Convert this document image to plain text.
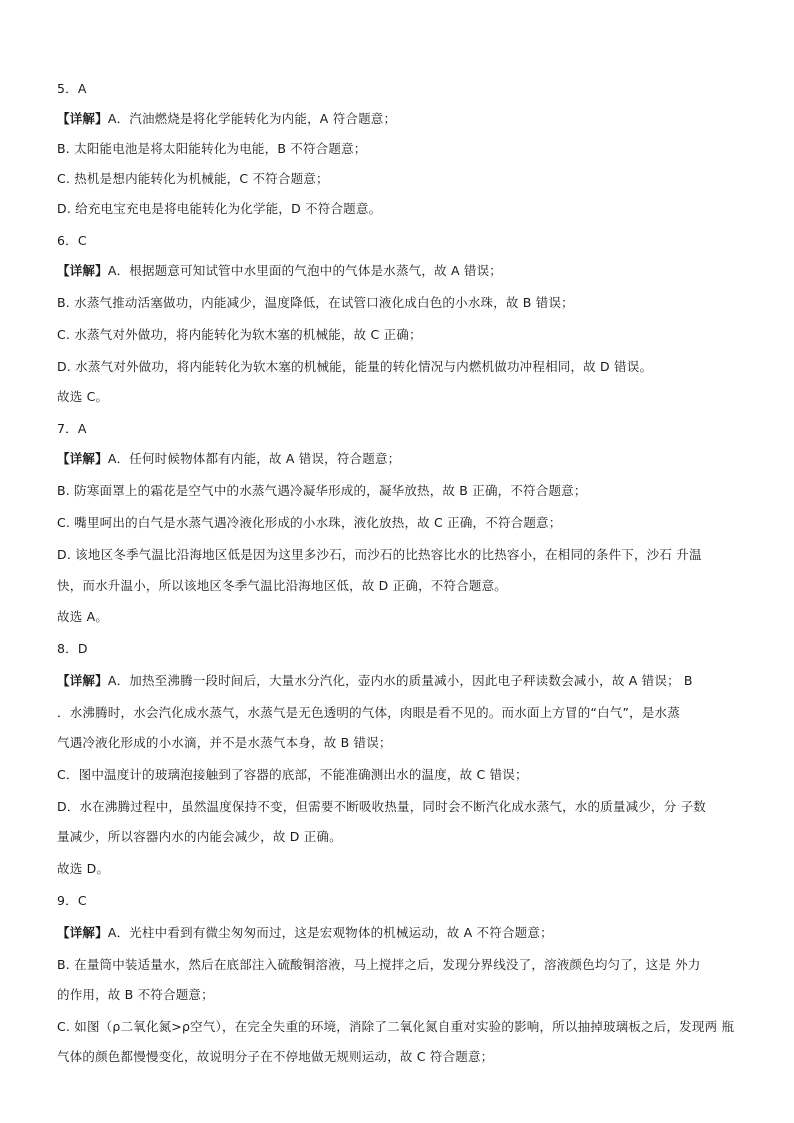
5．A
【详解】A．汽油燃烧是将化学能转化为内能，A 符合题意；
B. 太阳能电池是将太阳能转化为电能，B 不符合题意；
C. 热机是想内能转化为机械能，C 不符合题意；
D. 给充电宝充电是将电能转化为化学能，D 不符合题意。
6．C
【详解】A．根据题意可知试管中水里面的气泡中的气体是水蒸气，故 A 错误；
B. 水蒸气推动活塞做功，内能减少，温度降低，在试管口液化成白色的小水珠，故 B 错误；
C. 水蒸气对外做功，将内能转化为软木塞的机械能，故 C 正确；
D. 水蒸气对外做功，将内能转化为软木塞的机械能，能量的转化情况与内燃机做功冲程相同，故 D 错误。
故选 C。
7．A
【详解】A．任何时候物体都有内能，故 A 错误，符合题意；
B. 防寒面罩上的霜花是空气中的水蒸气遇冷凝华形成的，凝华放热，故 B 正确，不符合题意；
C. 嘴里呵出的白气是水蒸气遇冷液化形成的小水珠，液化放热，故 C 正确，不符合题意；
D. 该地区冬季气温比沿海地区低是因为这里多沙石，而沙石的比热容比水的比热容小，在相同的条件下，沙石 升温
快，而水升温小，所以该地区冬季气温比沿海地区低，故 D 正确，不符合题意。
故选 A。
8．D
【详解】A．加热至沸腾一段时间后，大量水分汽化，壶内水的质量减小，因此电子秤读数会减小，故 A 错误； B
．水沸腾时，水会汽化成水蒸气，水蒸气是无色透明的气体，肉眼是看不见的。而水面上方冒的“白气”，是水蒸
气遇冷液化形成的小水滴，并不是水蒸气本身，故 B 错误；
C．图中温度计的玻璃泡接触到了容器的底部，不能准确测出水的温度，故 C 错误；
D．水在沸腾过程中，虽然温度保持不变，但需要不断吸收热量，同时会不断汽化成水蒸气，水的质量减少，分 子数
量减少，所以容器内水的内能会减少，故 D 正确。
故选 D。
9．C
【详解】A．光柱中看到有微尘匆匆而过，这是宏观物体的机械运动，故 A 不符合题意；
B. 在量筒中装适量水，然后在底部注入硫酸铜溶液，马上搅拌之后，发现分界线没了，溶液颜色均匀了，这是 外力
的作用，故 B 不符合题意；
C. 如图（ρ二氧化氮>ρ空气），在完全失重的环境，消除了二氧化氮自重对实验的影响，所以抽掉玻璃板之后，发现两 瓶
气体的颜色都慢慢变化，故说明分子在不停地做无规则运动，故 C 符合题意；
